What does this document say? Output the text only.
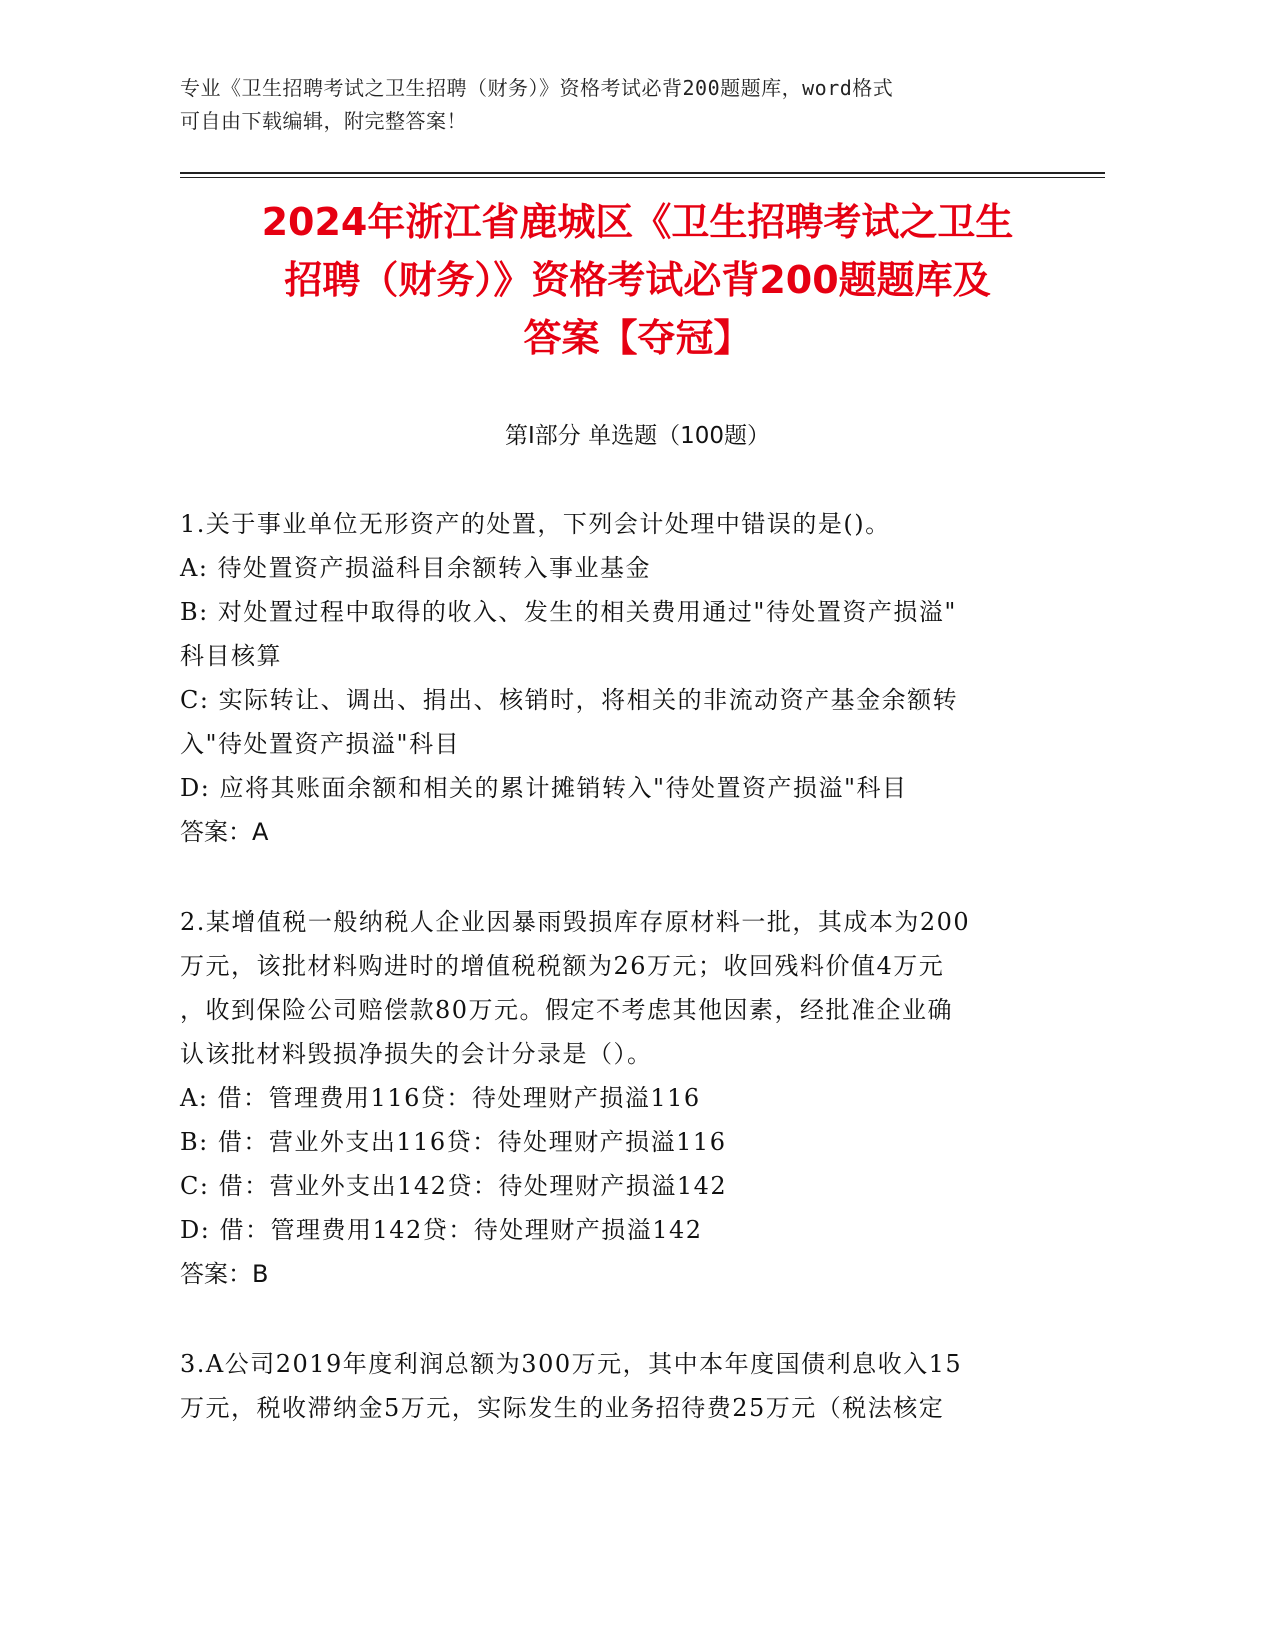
专业《卫生招聘考试之卫生招聘（财务）》资格考试必背200题题库，word格式
可自由下载编辑，附完整答案！
2024年浙江省鹿城区《卫生招聘考试之卫生
招聘（财务）》资格考试必背200题题库及
答案【夺冠】
第I部分 单选题（100题）
1.关于事业单位无形资产的处置，下列会计处理中错误的是()。
A: 待处置资产损溢科目余额转入事业基金
B: 对处置过程中取得的收入、发生的相关费用通过"待处置资产损溢"
科目核算
C: 实际转让、调出、捐出、核销时，将相关的非流动资产基金余额转
入"待处置资产损溢"科目
D: 应将其账面余额和相关的累计摊销转入"待处置资产损溢"科目
答案：A
2.某增值税一般纳税人企业因暴雨毁损库存原材料一批，其成本为200
万元，该批材料购进时的增值税税额为26万元；收回残料价值4万元
，收到保险公司赔偿款80万元。假定不考虑其他因素，经批准企业确
认该批材料毁损净损失的会计分录是（）。
A: 借：管理费用116贷：待处理财产损溢116
B: 借：营业外支出116贷：待处理财产损溢116
C: 借：营业外支出142贷：待处理财产损溢142
D: 借：管理费用142贷：待处理财产损溢142
答案：B
3.A公司2019年度利润总额为300万元，其中本年度国债利息收入15
万元，税收滞纳金5万元，实际发生的业务招待费25万元（税法核定
